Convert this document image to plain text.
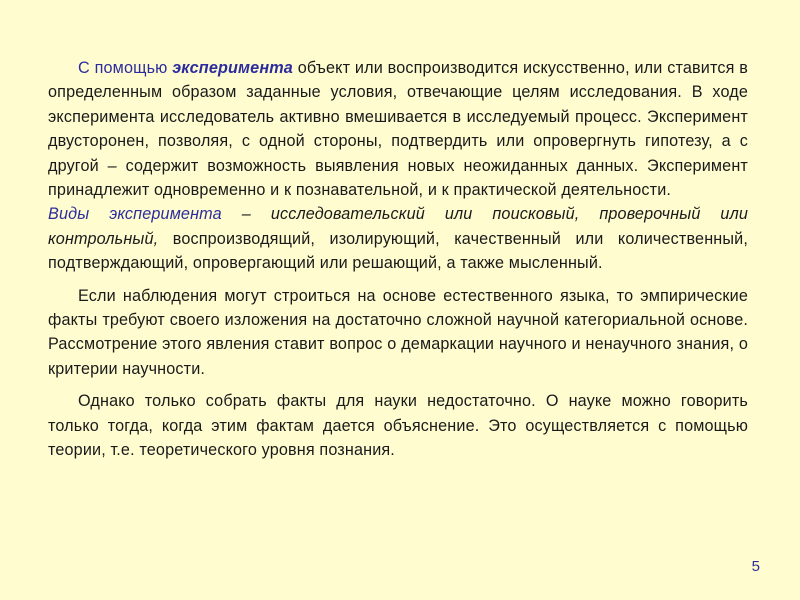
С помощью эксперимента объект или воспроизводится искусственно, или ставится в определенным образом заданные условия, отвечающие целям исследования. В ходе эксперимента исследователь активно вмешивается в исследуемый процесс. Эксперимент двусторонен, позволяя, с одной стороны, подтвердить или опровергнуть гипотезу, а с другой – содержит возможность выявления новых неожиданных данных. Эксперимент принадлежит одновременно и к познавательной, и к практической деятельности.

Виды эксперимента – исследовательский или поисковый, проверочный или контрольный, воспроизводящий, изолирующий, качественный или количественный, подтверждающий, опровергающий или решающий, а также мысленный.

Если наблюдения могут строиться на основе естественного языка, то эмпирические факты требуют своего изложения на достаточно сложной научной категориальной основе. Рассмотрение этого явления ставит вопрос о демаркации научного и ненаучного знания, о критерии научности.

Однако только собрать факты для науки недостаточно. О науке можно говорить только тогда, когда этим фактам дается объяснение. Это осуществляется с помощью теории, т.е. теоретического уровня познания.

5
